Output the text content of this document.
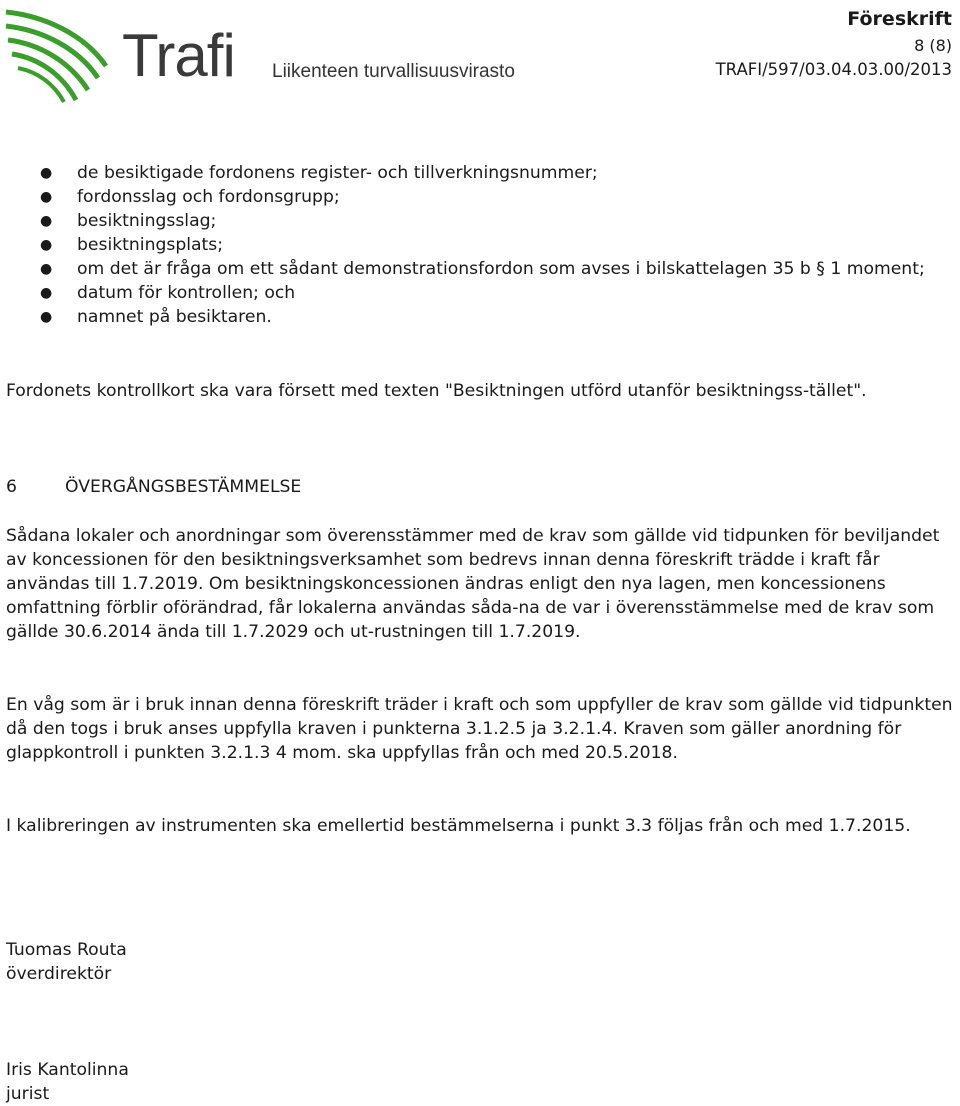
Trafi Liikenteen turvallisuusvirasto
Föreskrift
8 (8)
TRAFI/597/03.04.03.00/2013
● de besiktigade fordonens register- och tillverkningsnummer;
● fordonsslag och fordonsgrupp;
● besiktningsslag;
● besiktningsplats;
● om det är fråga om ett sådant demonstrationsfordon som avses i bilskattelagen 35 b § 1 moment;
● datum för kontrollen; och
● namnet på besiktaren.
Fordonets kontrollkort ska vara försett med texten "Besiktningen utförd utanför besiktningss-tället".
6	ÖVERGÅNGSBESTÄMMELSE
Sådana lokaler och anordningar som överensstämmer med de krav som gällde vid tidpunken för beviljandet av koncessionen för den besiktningsverksamhet som bedrevs innan denna föreskrift trädde i kraft får användas till 1.7.2019. Om besiktningskoncessionen ändras enligt den nya lagen, men koncessionens omfattning förblir oförändrad, får lokalerna användas såda-na de var i överensstämmelse med de krav som gällde 30.6.2014 ända till 1.7.2029 och ut-rustningen till 1.7.2019.
En våg som är i bruk innan denna föreskrift träder i kraft och som uppfyller de krav som gällde vid tidpunkten då den togs i bruk anses uppfylla kraven i punkterna 3.1.2.5 ja 3.2.1.4. Kraven som gäller anordning för glappkontroll i punkten 3.2.1.3 4 mom. ska uppfyllas från och med 20.5.2018.
I kalibreringen av instrumenten ska emellertid bestämmelserna i punkt 3.3 följas från och med 1.7.2015.
Tuomas Routa
överdirektör
Iris Kantolinna
jurist
